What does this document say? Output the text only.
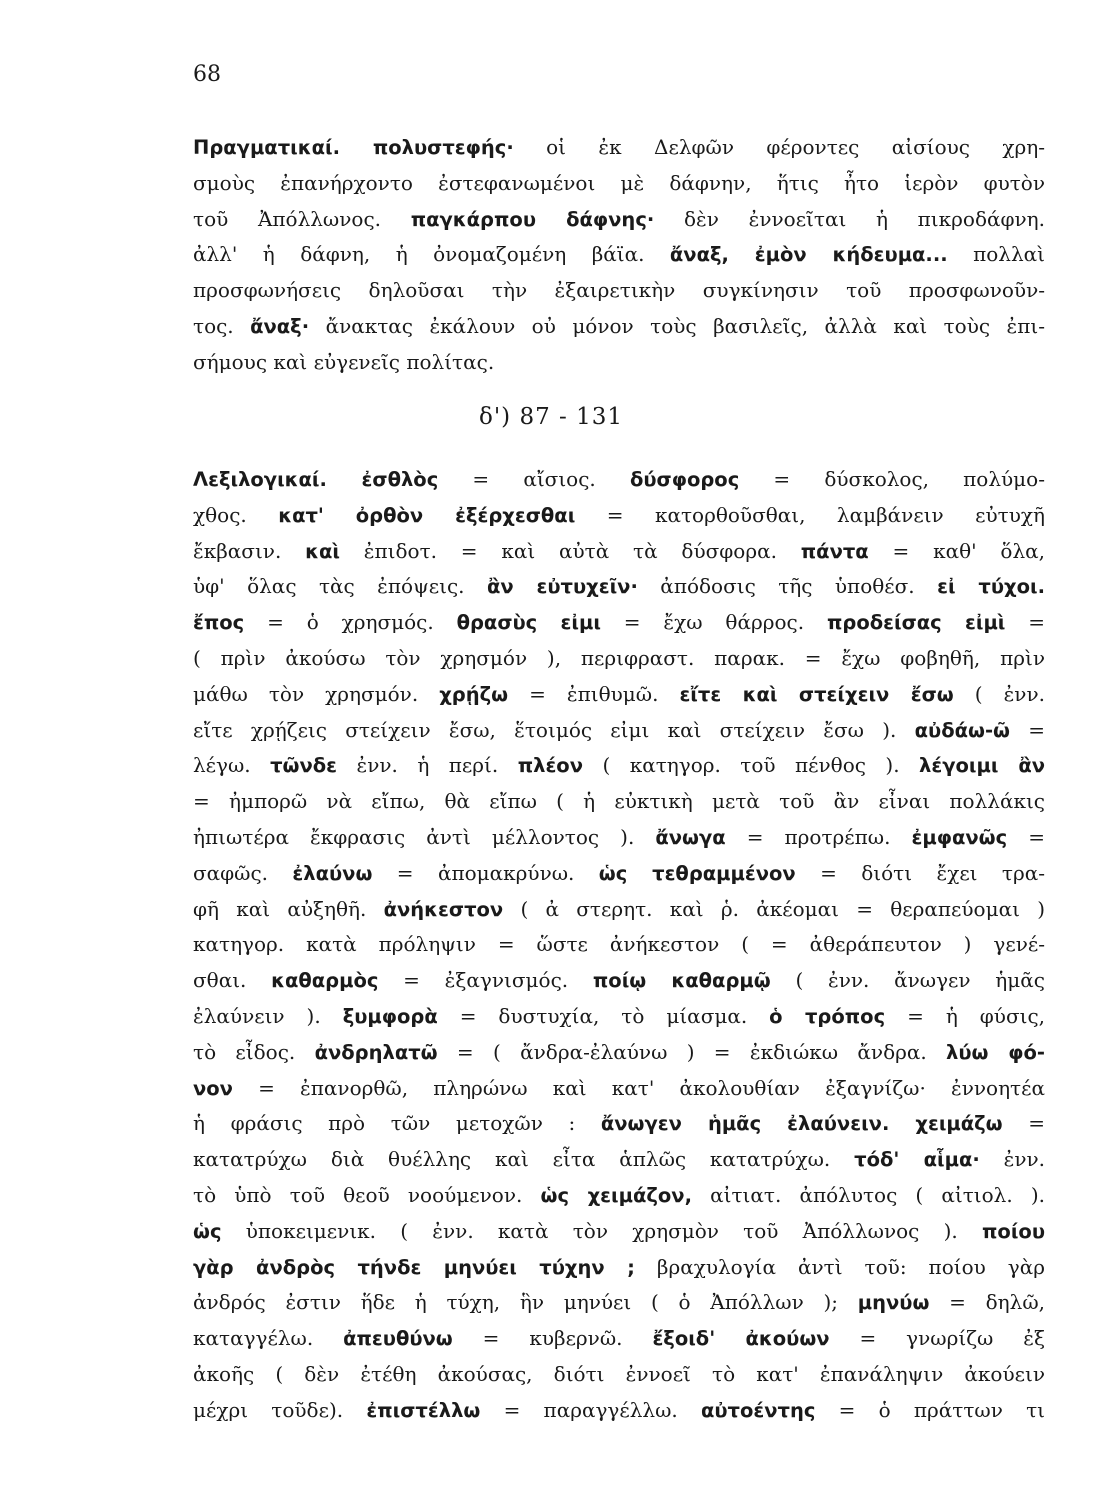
68
Πραγματικαί. πολυστεφής· οἱ ἐκ Δελφῶν φέροντες αἰσίους χρη-
σμοὺς ἐπανήρχοντο ἐστεφανωμένοι μὲ δάφνην, ἥτις ἦτο ἱερὸν φυτὸν
τοῦ Ἀπόλλωνος. παγκάρπου δάφνης· δὲν ἐννοεῖται ἡ πικροδάφνη.
ἀλλ' ἡ δάφνη, ἡ ὀνομαζομένη βάϊα. ἄναξ, ἐμὸν κήδευμα... πολλαὶ
προσφωνήσεις δηλοῦσαι τὴν ἐξαιρετικὴν συγκίνησιν τοῦ προσφωνοῦν-
τος. ἄναξ· ἄνακτας ἐκάλουν οὐ μόνον τοὺς βασιλεῖς, ἀλλὰ καὶ τοὺς ἐπι-
σήμους καὶ εὐγενεῖς πολίτας.
δ') 87 - 131
Λεξιλογικαί. ἐσθλὸς = αἴσιος. δύσφορος = δύσκολος, πολύμο-
χθος. κατ' ὀρθὸν ἐξέρχεσθαι = κατορθοῦσθαι, λαμβάνειν εὐτυχῆ
ἔκβασιν. καὶ ἐπιδοτ. = καὶ αὐτὰ τὰ δύσφορα. πάντα = καθ' ὅλα,
ὑφ' ὅλας τὰς ἐπόψεις. ἂν εὐτυχεῖν· ἀπόδοσις τῆς ὑποθέσ. εἰ τύχοι.
ἔπος = ὁ χρησμός. θρασὺς εἰμι = ἔχω θάρρος. προδείσας εἰμὶ =
( πρὶν ἀκούσω τὸν χρησμόν ), περιφραστ. παρακ. = ἔχω φοβηθῆ, πρὶν
μάθω τὸν χρησμόν. χρῄζω = ἐπιθυμῶ. εἴτε καὶ στείχειν ἔσω ( ἐνν.
εἴτε χρῄζεις στείχειν ἔσω, ἕτοιμός εἰμι καὶ στείχειν ἔσω ). αὐδάω-ῶ =
λέγω. τῶνδε ἐνν. ἡ περί. πλέον ( κατηγορ. τοῦ πένθος ). λέγοιμι ἂν
= ἠμπορῶ νὰ εἴπω, θὰ εἴπω ( ἡ εὐκτικὴ μετὰ τοῦ ἂν εἶναι πολλάκις
ἠπιωτέρα ἔκφρασις ἀντὶ μέλλοντος ). ἄνωγα = προτρέπω. ἐμφανῶς =
σαφῶς. ἐλαύνω = ἀπομακρύνω. ὡς τεθραμμένον = διότι ἔχει τρα-
φῆ καὶ αὐξηθῆ. ἀνήκεστον ( ἀ στερητ. καὶ ῥ. ἀκέομαι = θεραπεύομαι )
κατηγορ. κατὰ πρόληψιν = ὥστε ἀνήκεστον ( = ἀθεράπευτον ) γενέ-
σθαι. καθαρμὸς = ἐξαγνισμός. ποίῳ καθαρμῷ ( ἐνν. ἄνωγεν ἡμᾶς
ἐλαύνειν ). ξυμφορὰ = δυστυχία, τὸ μίασμα. ὁ τρόπος = ἡ φύσις,
τὸ εἶδος. ἀνδρηλατῶ = ( ἄνδρα-ἐλαύνω ) = ἐκδιώκω ἄνδρα. λύω φό-
νον = ἐπανορθῶ, πληρώνω καὶ κατ' ἀκολουθίαν ἐξαγνίζω· ἐννοητέα
ἡ φράσις πρὸ τῶν μετοχῶν : ἄνωγεν ἡμᾶς ἐλαύνειν. χειμάζω =
κατατρύχω διὰ θυέλλης καὶ εἶτα ἁπλῶς κατατρύχω. τόδ' αἷμα· ἐνν.
τὸ ὑπὸ τοῦ θεοῦ νοούμενον. ὡς χειμάζον, αἰτιατ. ἀπόλυτος ( αἰτιολ. ).
ὡς ὑποκειμενικ. ( ἐνν. κατὰ τὸν χρησμὸν τοῦ Ἀπόλλωνος ). ποίου
γὰρ ἀνδρὸς τήνδε μηνύει τύχην ; βραχυλογία ἀντὶ τοῦ: ποίου γὰρ
ἀνδρός ἐστιν ἥδε ἡ τύχη, ἣν μηνύει ( ὁ Ἀπόλλων ); μηνύω = δηλῶ,
καταγγέλω. ἀπευθύνω = κυβερνῶ. ἔξοιδ' ἀκούων = γνωρίζω ἐξ
ἀκοῆς ( δὲν ἐτέθη ἀκούσας, διότι ἐννοεῖ τὸ κατ' ἐπανάληψιν ἀκούειν
μέχρι τοῦδε). ἐπιστέλλω = παραγγέλλω. αὐτοέντης = ὁ πράττων τι
